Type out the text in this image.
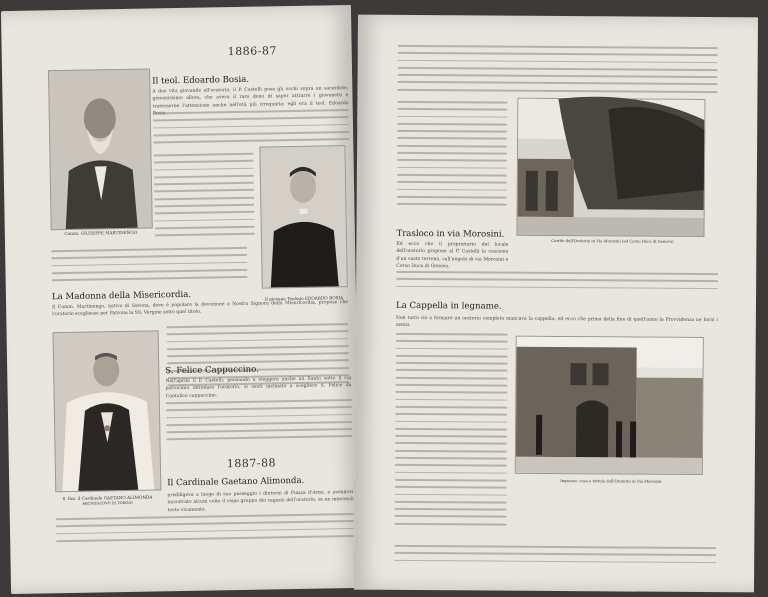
1886-87
Comm. GIUSEPPE MARTINENGO
Il teol. Edoardo Bosia.
A due vita giovanile all'oratorio, il P. Castelli pose gli occhi sopra un sacerdote, giovanissimo allora, che aveva il raro dono di saper attrarre i giovanetti e trattenerne l'attenzione anche nell'età più irrequieta: egli era il teol. Edoardo
Il giovane Teologo EDOARDO BOSIA
La Madonna della Misericordia.
Il Comm. Martinengo, nativo di Savona, dove è popolare la devozione a Nostra Signora della Misericordia, propose che l'oratorio scegliesse per Patrona la SS. Vergine sotto quel titolo.
S. Em. il Cardinale GAETANO ALIMONDA
ARCIVESCOVO DI TORINO
S. Felice Cappuccino.
Nell'aprile il P. Castelli, pensando a eleggere anche un Santo sotto il cui patrocinio intitolare l'oratorio, si sentì inclinato a scegliere S. Felice da Cantalice cappuccino.
1887-88
Il Cardinale Gaetano Alimonda.
prediligeva a luogo di suo passeggio i dintorni di Piazza d'Armi, e avendovi incontrato alcuni volte il vispo gruppo dei ragazzi dell'oratorio, se ne interessò tosto vivamente.
Cortile dell'Oratorio in Via Morosini (ad Corso Duca di Genova)
Trasloco in via Morosini.
Ed ecco che il proprietario del locale dell'oratorio propone al P. Castelli la cessione d'un vasto terreno, sull'angolo di via Morosini e Corso Duca di Genova.
La Cappella in legname.
Non tutto ciò a formare un oratorio completo mancava la cappella; ed ecco che prima della fine di quell'anno la Provvidenza ne fornì i mezzi.
Ingresso, casa e tettoia dell'Oratorio in Via Morosini
